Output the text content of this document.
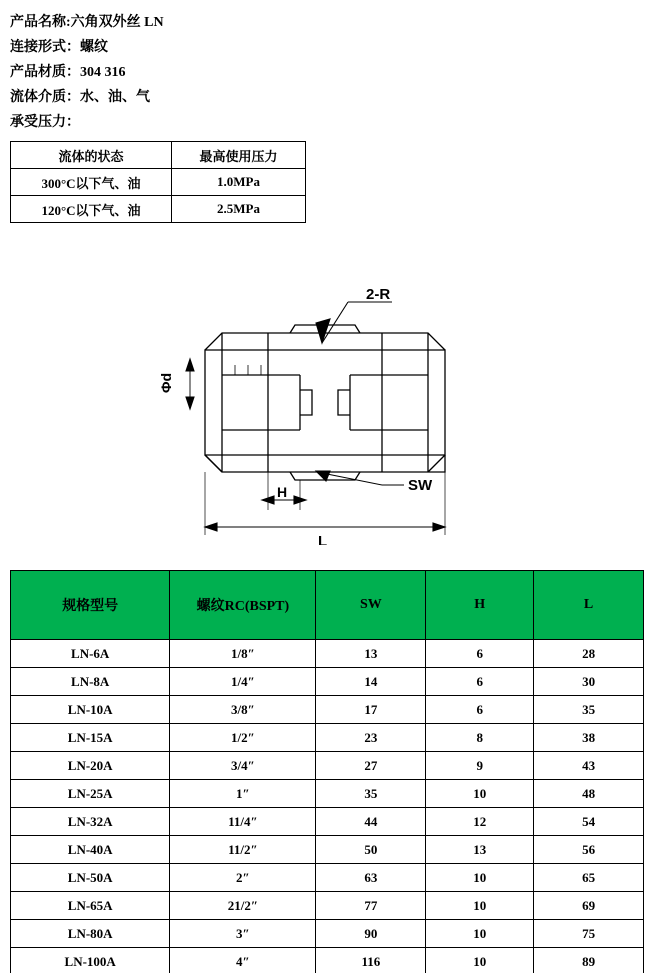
产品名称:六角双外丝 LN
连接形式：螺纹
产品材质：304 316
流体介质：水、油、气
承受压力：
流体的状态	最高使用压力
300°C以下气、油	1.0MPa
120°C以下气、油	2.5MPa
2-R
Φd
SW
H
L
规格型号	螺纹RC(BSPT)	SW	H	L
LN-6A	1/8″	13	6	28
LN-8A	1/4″	14	6	30
LN-10A	3/8″	17	6	35
LN-15A	1/2″	23	8	38
LN-20A	3/4″	27	9	43
LN-25A	1″	35	10	48
LN-32A	11/4″	44	12	54
LN-40A	11/2″	50	13	56
LN-50A	2″	63	10	65
LN-65A	21/2″	77	10	69
LN-80A	3″	90	10	75
LN-100A	4″	116	10	89
